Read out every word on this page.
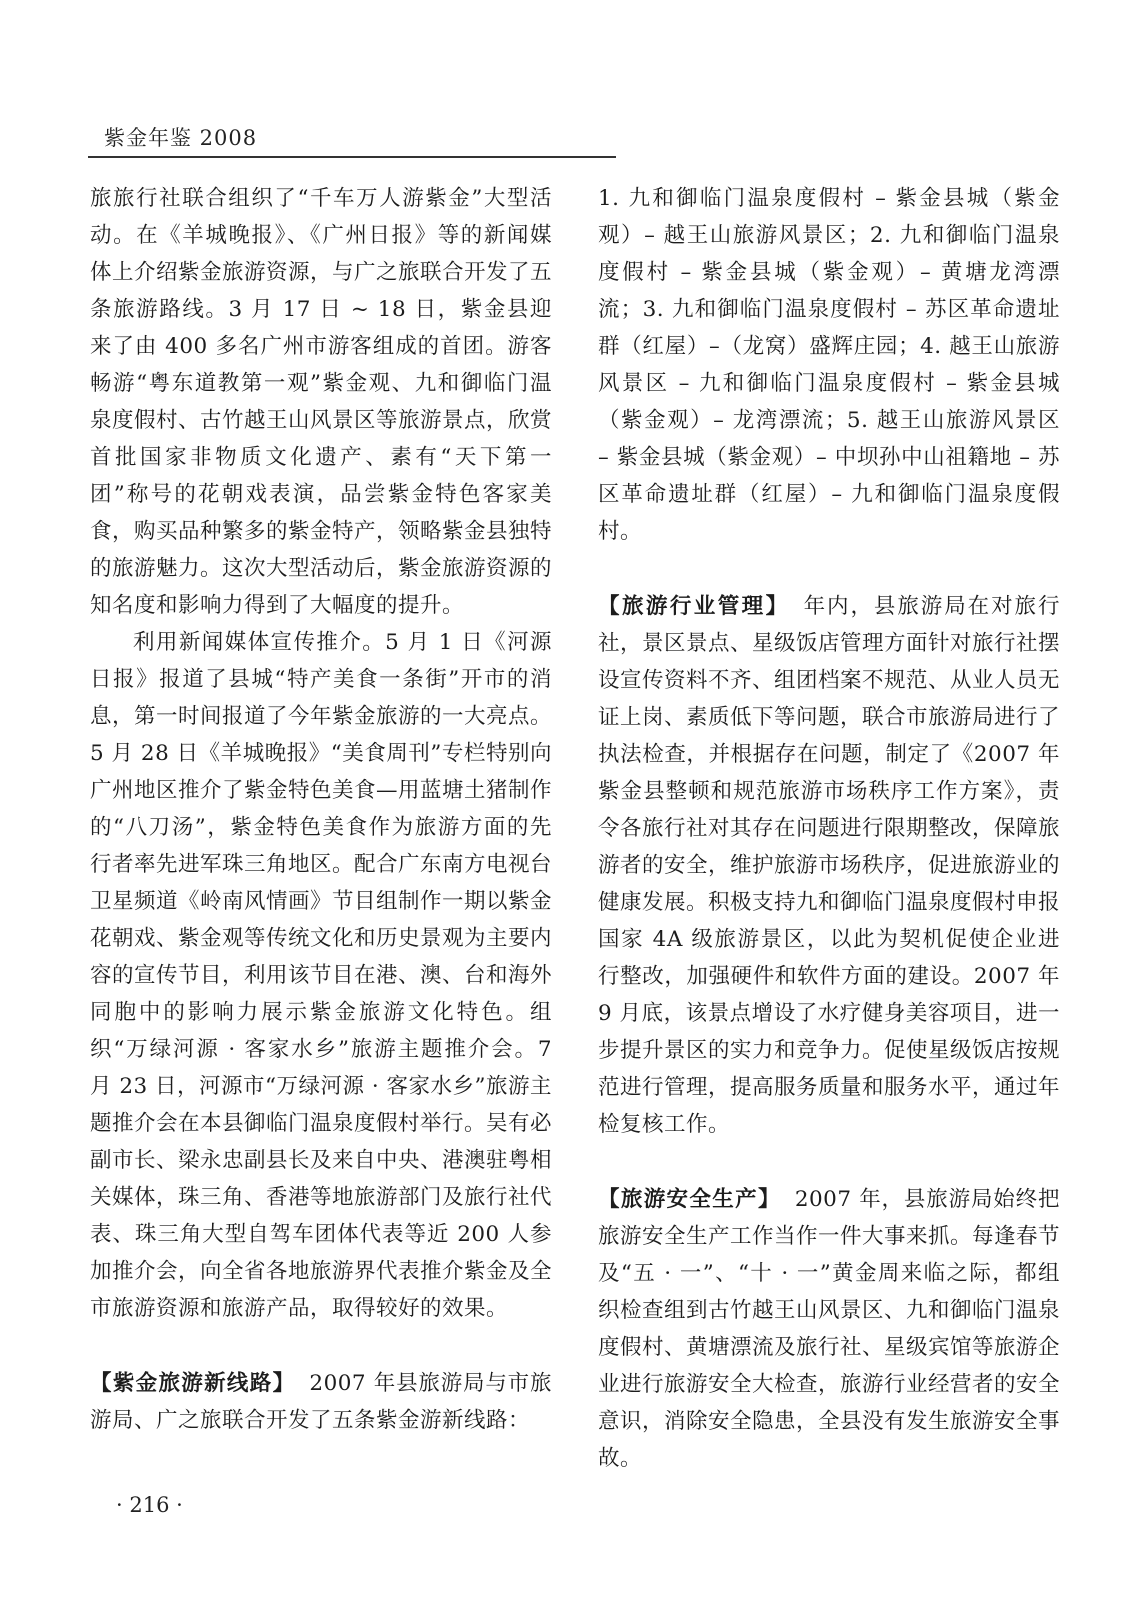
紫金年鉴 2008

旅旅行社联合组织了“千车万人游紫金”大型活动。在《羊城晚报》、《广州日报》等的新闻媒体上介绍紫金旅游资源，与广之旅联合开发了五条旅游路线。3 月 17 日 ~ 18 日，紫金县迎来了由 400 多名广州市游客组成的首团。游客畅游“粤东道教第一观”紫金观、九和御临门温泉度假村、古竹越王山风景区等旅游景点，欣赏首批国家非物质文化遗产、素有“天下第一团”称号的花朝戏表演，品尝紫金特色客家美食，购买品种繁多的紫金特产，领略紫金县独特的旅游魅力。这次大型活动后，紫金旅游资源的知名度和影响力得到了大幅度的提升。

利用新闻媒体宣传推介。5 月 1 日《河源日报》报道了县城“特产美食一条街”开市的消息，第一时间报道了今年紫金旅游的一大亮点。5 月 28 日《羊城晚报》“美食周刊”专栏特别向广州地区推介了紫金特色美食—用蓝塘土猪制作的“八刀汤”，紫金特色美食作为旅游方面的先行者率先进军珠三角地区。配合广东南方电视台卫星频道《岭南风情画》节目组制作一期以紫金花朝戏、紫金观等传统文化和历史景观为主要内容的宣传节目，利用该节目在港、澳、台和海外同胞中的影响力展示紫金旅游文化特色。组织“万绿河源 · 客家水乡”旅游主题推介会。7 月 23 日，河源市“万绿河源 · 客家水乡”旅游主题推介会在本县御临门温泉度假村举行。吴有必副市长、梁永忠副县长及来自中央、港澳驻粤相关媒体，珠三角、香港等地旅游部门及旅行社代表、珠三角大型自驾车团体代表等近 200 人参加推介会，向全省各地旅游界代表推介紫金及全市旅游资源和旅游产品，取得较好的效果。

【 紫金旅游新线路 】 2007 年县旅游局与市旅游局、广之旅联合开发了五条紫金游新线路：

1. 九和御临门温泉度假村 – 紫金县城（紫金观）– 越王山旅游风景区；2. 九和御临门温泉度假村 – 紫金县城（紫金观）– 黄塘龙湾漂流；3. 九和御临门温泉度假村 – 苏区革命遗址群（红屋）–（龙窝）盛辉庄园；4. 越王山旅游风景区 – 九和御临门温泉度假村 – 紫金县城（紫金观）– 龙湾漂流；5. 越王山旅游风景区 – 紫金县城（紫金观）– 中坝孙中山祖籍地 – 苏区革命遗址群（红屋）– 九和御临门温泉度假村。

【 旅游行业管理 】 年内，县旅游局在对旅行社，景区景点、星级饭店管理方面针对旅行社摆设宣传资料不齐、组团档案不规范、从业人员无证上岗、素质低下等问题，联合市旅游局进行了执法检查，并根据存在问题，制定了《2007 年紫金县整顿和规范旅游市场秩序工作方案》，责令各旅行社对其存在问题进行限期整改，保障旅游者的安全，维护旅游市场秩序，促进旅游业的健康发展。积极支持九和御临门温泉度假村申报国家 4A 级旅游景区，以此为契机促使企业进行整改，加强硬件和软件方面的建设。2007 年 9 月底，该景点增设了水疗健身美容项目，进一步提升景区的实力和竞争力。促使星级饭店按规范进行管理，提高服务质量和服务水平，通过年检复核工作。

【 旅游安全生产 】 2007 年，县旅游局始终把旅游安全生产工作当作一件大事来抓。每逢春节及“五 · 一”、“十 · 一”黄金周来临之际，都组织检查组到古竹越王山风景区、九和御临门温泉度假村、黄塘漂流及旅行社、星级宾馆等旅游企业进行旅游安全大检查，旅游行业经营者的安全意识，消除安全隐患，全县没有发生旅游安全事故。

· 216 ·
